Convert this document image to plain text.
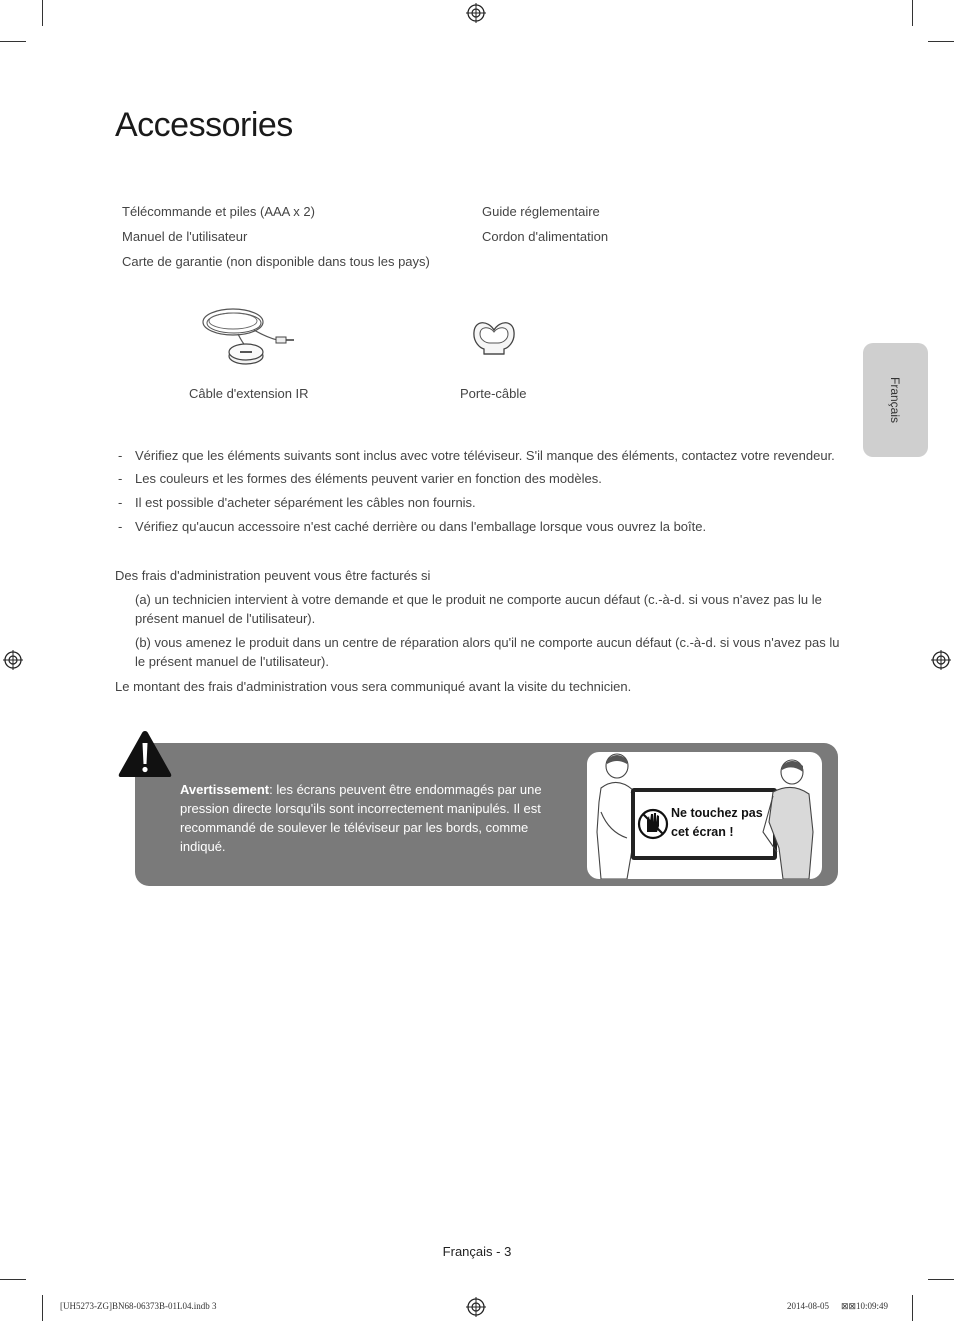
Accessories
Télécommande et piles (AAA x 2)
Manuel de l'utilisateur
Carte de garantie (non disponible dans tous les pays)
Guide réglementaire
Cordon d'alimentation
Câble d'extension IR	Porte-câble	Français
- Vérifiez que les éléments suivants sont inclus avec votre téléviseur. S'il manque des éléments, contactez votre revendeur.
- Les couleurs et les formes des éléments peuvent varier en fonction des modèles.
- Il est possible d'acheter séparément les câbles non fournis.
- Vérifiez qu'aucun accessoire n'est caché derrière ou dans l'emballage lorsque vous ouvrez la boîte.
Des frais d'administration peuvent vous être facturés si
(a) un technicien intervient à votre demande et que le produit ne comporte aucun défaut (c.-à-d. si vous n'avez pas lu le présent manuel de l'utilisateur).
(b) vous amenez le produit dans un centre de réparation alors qu'il ne comporte aucun défaut (c.-à-d. si vous n'avez pas lu le présent manuel de l'utilisateur).
Le montant des frais d'administration vous sera communiqué avant la visite du technicien.
Avertissement: les écrans peuvent être endommagés par une pression directe lorsqu'ils sont incorrectement manipulés. Il est recommandé de soulever le téléviseur par les bords, comme indiqué.
Ne touchez pas
cet écran !
Français - 3
[UH5273-ZG]BN68-06373B-01L04.indb 3	2014-08-05 ⊠⊠ 10:09:49
